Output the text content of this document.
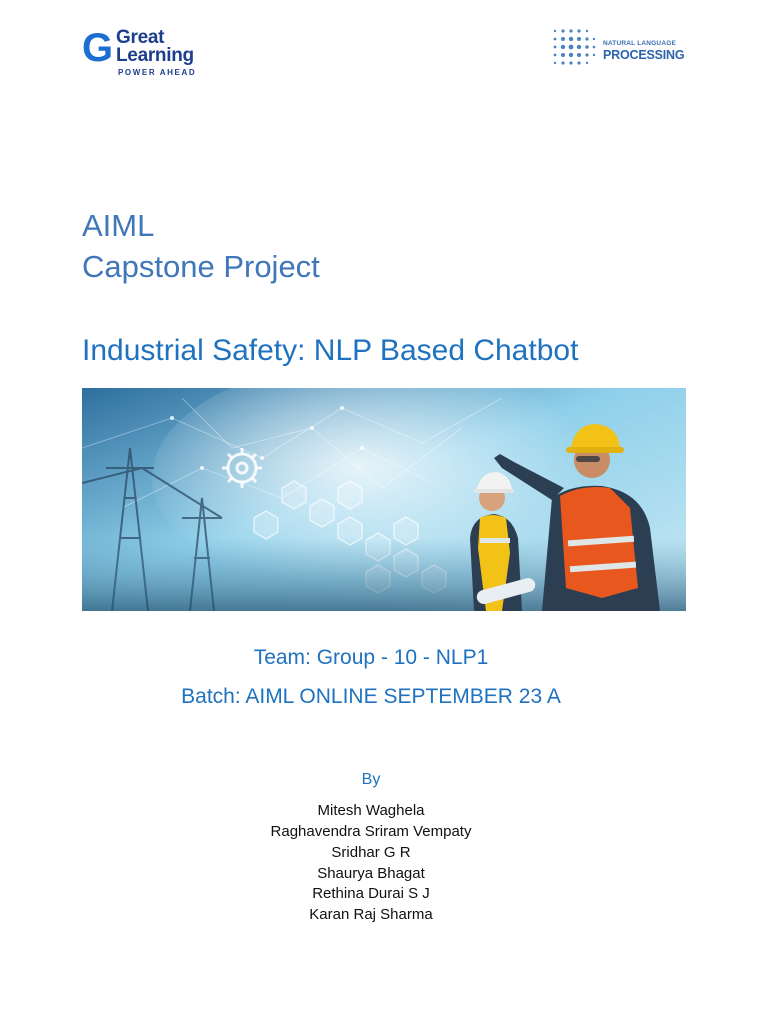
G Great
Learning
POWER AHEAD
NATURAL LANGUAGE
PROCESSING
AIML
Capstone Project
Industrial Safety: NLP Based Chatbot
Team: Group - 10 - NLP1
Batch: AIML ONLINE SEPTEMBER 23 A
By
Mitesh Waghela
Raghavendra Sriram Vempaty
Sridhar G R
Shaurya Bhagat
Rethina Durai S J
Karan Raj Sharma
